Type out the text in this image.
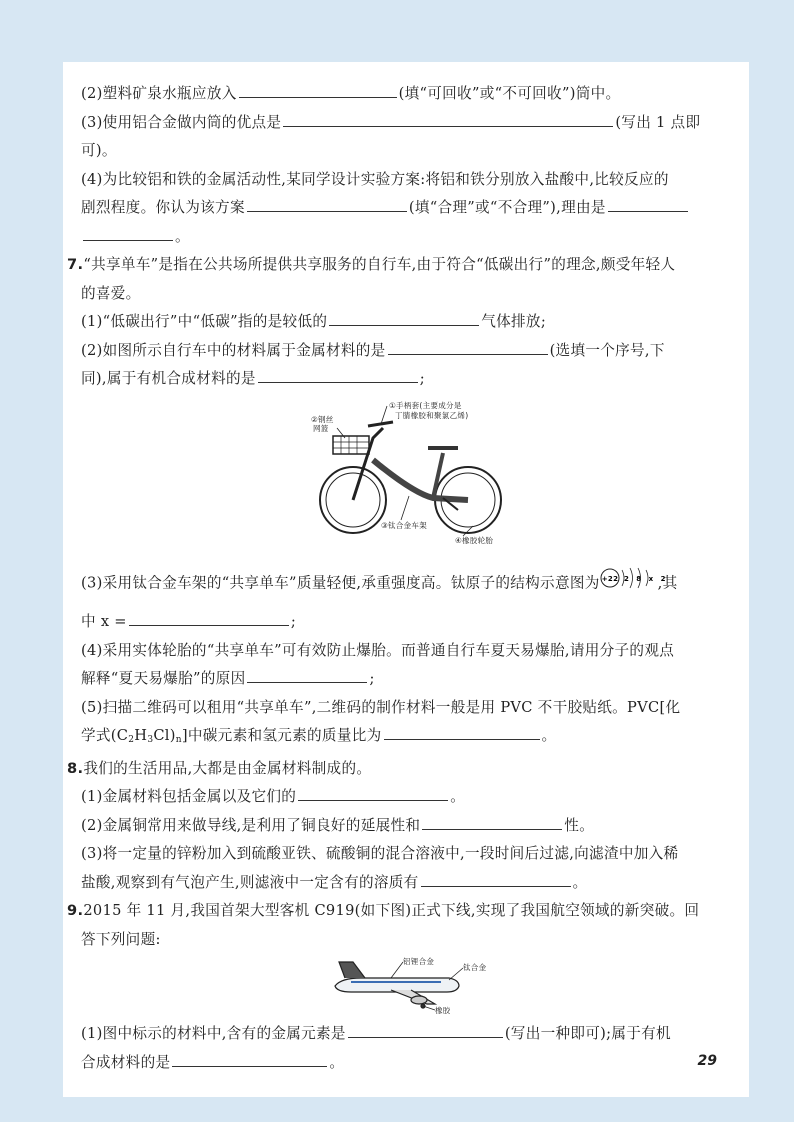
(2)塑料矿泉水瓶应放入	(填“可回收”或“不可回收”)筒中。

(3)使用铝合金做内筒的优点是	(写出 1 点即

可)。

(4)为比较铝和铁的金属活动性,某同学设计实验方案:将铝和铁分别放入盐酸中,比较反应的

剧烈程度。你认为该方案	(填“合理”或“不合理”),理由是

。

7.“共享单车”是指在公共场所提供共享服务的自行车,由于符合“低碳出行”的理念,颇受年轻人

的喜爱。

(1)“低碳出行”中“低碳”指的是较低的	气体排放;

(2)如图所示自行车中的材料属于金属材料的是	(选填一个序号,下

同),属于有机合成材料的是	;

①手柄套(主要成分是
丁腈橡胶和聚氯乙烯)
②钢丝
网篮
③钛合金车架
④橡胶轮胎

(3)采用钛合金车架的“共享单车”质量轻便,承重强度高。钛原子的结构示意图为 +22 2 8 x 2
,其

中 x =	;

(4)采用实体轮胎的“共享单车”可有效防止爆胎。而普通自行车夏天易爆胎,请用分子的观点

解释“夏天易爆胎”的原因	;

(5)扫描二维码可以租用“共享单车”,二维码的制作材料一般是用 PVC 不干胶贴纸。PVC[化

学式$(C_2H_3Cl)_n$]中碳元素和氢元素的质量比为	。

8.我们的生活用品,大都是由金属材料制成的。

(1)金属材料包括金属以及它们的	。

(2)金属铜常用来做导线,是利用了铜良好的延展性和	性。

(3)将一定量的锌粉加入到硫酸亚铁、硫酸铜的混合溶液中,一段时间后过滤,向滤渣中加入稀

盐酸,观察到有气泡产生,则滤液中一定含有的溶质有	。

9.2015 年 11 月,我国首架大型客机 C919(如下图)正式下线,实现了我国航空领域的新突破。回

答下列问题:

铝锂合金
钛合金
橡胶

(1)图中标示的材料中,含有的金属元素是	(写出一种即可);属于有机

合成材料的是	。	29
